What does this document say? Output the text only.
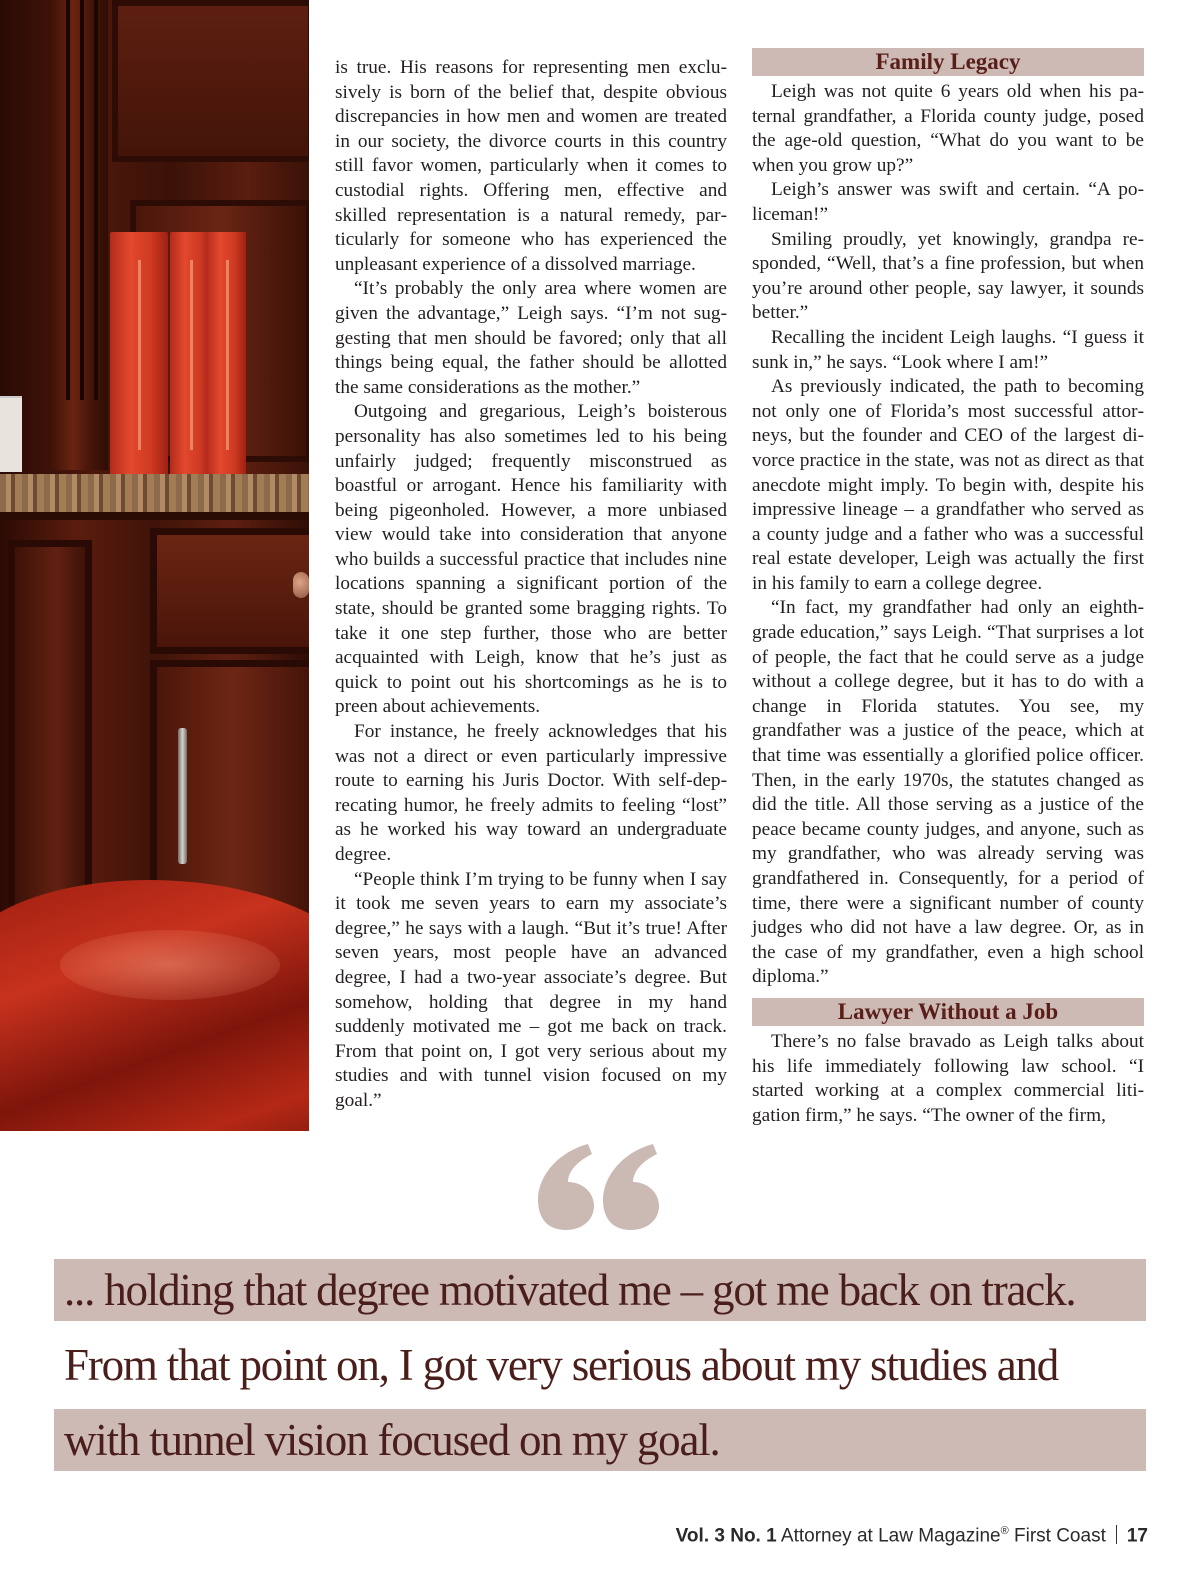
is true. His reasons for representing men exclusively is born of the belief that, despite obvious discrepancies in how men and women are treated in our society, the divorce courts in this country still favor women, particularly when it comes to custodial rights. Offering men, effective and skilled representation is a natural remedy, particularly for someone who has experienced the unpleasant experience of a dissolved marriage.

“It’s probably the only area where women are given the advantage,” Leigh says. “I’m not suggesting that men should be favored; only that all things being equal, the father should be allotted the same considerations as the mother.”

Outgoing and gregarious, Leigh’s boisterous personality has also sometimes led to his being unfairly judged; frequently misconstrued as boastful or arrogant. Hence his familiarity with being pigeonholed. However, a more unbiased view would take into consideration that anyone who builds a successful practice that includes nine locations spanning a significant portion of the state, should be granted some bragging rights. To take it one step further, those who are better acquainted with Leigh, know that he’s just as quick to point out his shortcomings as he is to preen about achievements.

For instance, he freely acknowledges that his was not a direct or even particularly impressive route to earning his Juris Doctor. With self-deprecating humor, he freely admits to feeling “lost” as he worked his way toward an undergraduate degree.

“People think I’m trying to be funny when I say it took me seven years to earn my associate’s degree,” he says with a laugh. “But it’s true! After seven years, most people have an advanced degree, I had a two-year associate’s degree. But somehow, holding that degree in my hand suddenly motivated me – got me back on track. From that point on, I got very serious about my studies and with tunnel vision focused on my goal.”

Family Legacy

Leigh was not quite 6 years old when his paternal grandfather, a Florida county judge, posed the age-old question, “What do you want to be when you grow up?”

Leigh’s answer was swift and certain. “A policeman!”

Smiling proudly, yet knowingly, grandpa responded, “Well, that’s a fine profession, but when you’re around other people, say lawyer, it sounds better.”

Recalling the incident Leigh laughs. “I guess it sunk in,” he says. “Look where I am!”

As previously indicated, the path to becoming not only one of Florida’s most successful attorneys, but the founder and CEO of the largest divorce practice in the state, was not as direct as that anecdote might imply. To begin with, despite his impressive lineage – a grandfather who served as a county judge and a father who was a successful real estate developer, Leigh was actually the first in his family to earn a college degree.

“In fact, my grandfather had only an eighth-grade education,” says Leigh. “That surprises a lot of people, the fact that he could serve as a judge without a college degree, but it has to do with a change in Florida statutes. You see, my grandfather was a justice of the peace, which at that time was essentially a glorified police officer. Then, in the early 1970s, the statutes changed as did the title. All those serving as a justice of the peace became county judges, and anyone, such as my grandfather, who was already serving was grandfathered in. Consequently, for a period of time, there were a significant number of county judges who did not have a law degree. Or, as in the case of my grandfather, even a high school diploma.”

Lawyer Without a Job

There’s no false bravado as Leigh talks about his life immediately following law school. “I started working at a complex commercial litigation firm,” he says. “The owner of the firm,

... holding that degree motivated me – got me back on track.
From that point on, I got very serious about my studies and
with tunnel vision focused on my goal.
Vol. 3 No. 1 Attorney at Law Magazine® First Coast 17
